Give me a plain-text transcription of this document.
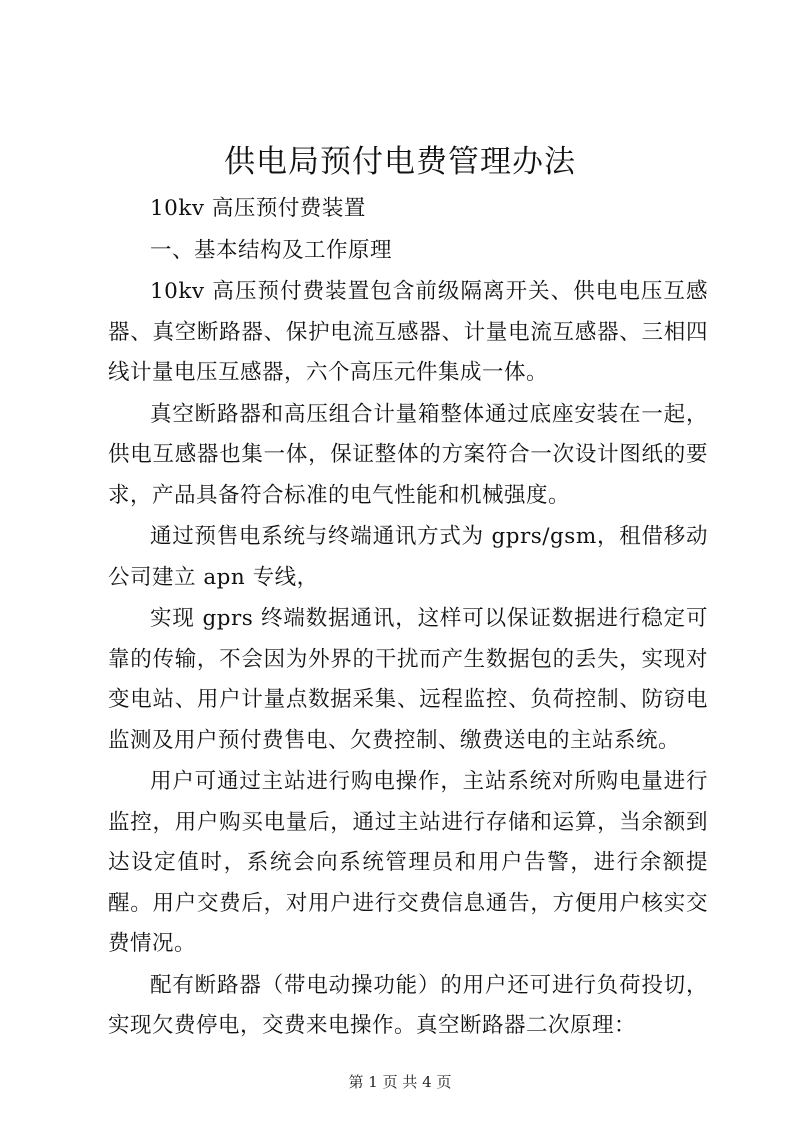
供电局预付电费管理办法

10kv 高压预付费装置

一、基本结构及工作原理

10kv 高压预付费装置包含前级隔离开关、供电电压互感器、真空断路器、保护电流互感器、计量电流互感器、三相四线计量电压互感器，六个高压元件集成一体。

真空断路器和高压组合计量箱整体通过底座安装在一起，供电互感器也集一体，保证整体的方案符合一次设计图纸的要求，产品具备符合标准的电气性能和机械强度。

通过预售电系统与终端通讯方式为 gprs/gsm，租借移动公司建立 apn 专线，

实现 gprs 终端数据通讯，这样可以保证数据进行稳定可靠的传输，不会因为外界的干扰而产生数据包的丢失，实现对变电站、用户计量点数据采集、远程监控、负荷控制、防窃电监测及用户预付费售电、欠费控制、缴费送电的主站系统。

用户可通过主站进行购电操作，主站系统对所购电量进行监控，用户购买电量后，通过主站进行存储和运算，当余额到达设定值时，系统会向系统管理员和用户告警，进行余额提醒。用户交费后，对用户进行交费信息通告，方便用户核实交费情况。

配有断路器（带电动操功能）的用户还可进行负荷投切，实现欠费停电，交费来电操作。真空断路器二次原理：

第 1 页 共 4 页
